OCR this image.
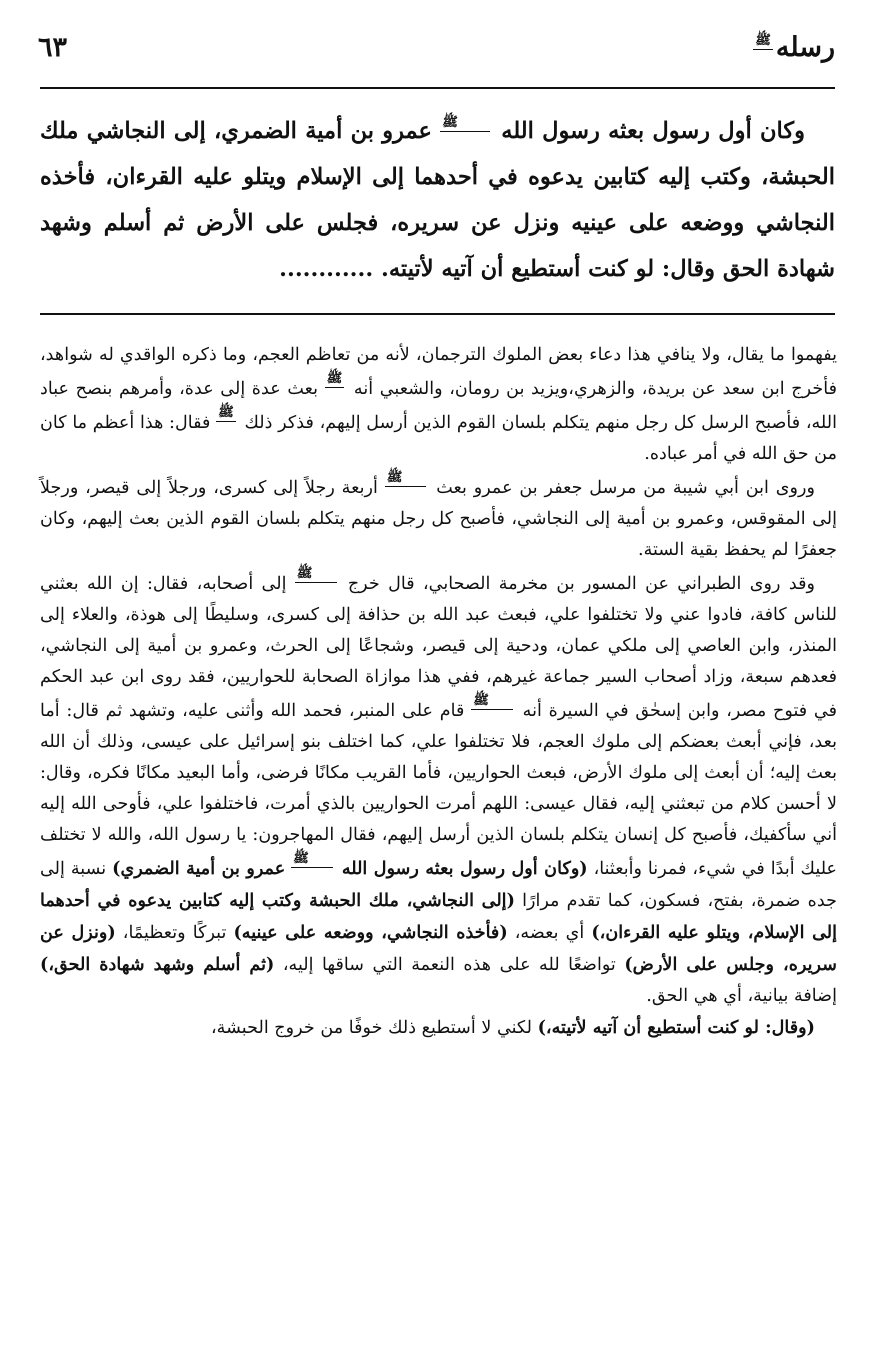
رسلهﷺ
٦٣
وكان أول رسول بعثه رسول الله ﷺ عمرو بن أمية الضمري، إلى النجاشي ملك الحبشة، وكتب إليه كتابين يدعوه في أحدهما إلى الإسلام ويتلو عليه القرءان، فأخذه النجاشي ووضعه على عينيه ونزل عن سريره، فجلس على الأرض ثم أسلم وشهد شهادة الحق وقال: لو كنت أستطيع أن آتيه لأتيته. ............

يفهموا ما يقال، ولا ينافي هذا دعاء بعض الملوك الترجمان، لأنه من تعاظم العجم، وما ذكره الواقدي له شواهد، فأخرج ابن سعد عن بريدة، والزهري،ويزيد بن رومان، والشعبي أنه ﷺ بعث عدة إلى عدة، وأمرهم بنصح عباد الله، فأصبح الرسل كل رجل منهم يتكلم بلسان القوم الذين أرسل إليهم، فذكر ذلك ﷺ فقال: هذا أعظم ما كان من حق الله في أمر عباده.

وروى ابن أبي شيبة من مرسل جعفر بن عمرو بعث ﷺ أربعة رجلاً إلى كسرى، ورجلاً إلى قيصر، ورجلاً إلى المقوقس، وعمرو بن أمية إلى النجاشي، فأصبح كل رجل منهم يتكلم بلسان القوم الذين بعث إليهم، وكان جعفرًا لم يحفظ بقية الستة.

وقد روى الطبراني عن المسور بن مخرمة الصحابي، قال خرج ﷺ إلى أصحابه، فقال: إن الله بعثني للناس كافة، فادوا عني ولا تختلفوا علي، فبعث عبد الله بن حذافة إلى كسرى، وسليطًا إلى هوذة، والعلاء إلى المنذر، وابن العاصي إلى ملكي عمان، ودحية إلى قيصر، وشجاعًا إلى الحرث، وعمرو بن أمية إلى النجاشي، فعدهم سبعة، وزاد أصحاب السير جماعة غيرهم، ففي هذا موازاة الصحابة للحواريين، فقد روى ابن عبد الحكم في فتوح مصر، وابن إسحٰق في السيرة أنه ﷺ قام على المنبر، فحمد الله وأثنى عليه، وتشهد ثم قال: أما بعد، فإني أبعث بعضكم إلى ملوك العجم، فلا تختلفوا علي، كما اختلف بنو إسرائيل على عيسى، وذلك أن الله بعث إليه؛ أن أبعث إلى ملوك الأرض، فبعث الحواريين، فأما القريب مكانًا فرضى، وأما البعيد مكانًا فكره، وقال: لا أحسن كلام من تبعثني إليه، فقال عيسى: اللهم أمرت الحواريين بالذي أمرت، فاختلفوا علي، فأوحى الله إليه أني سأكفيك، فأصبح كل إنسان يتكلم بلسان الذين أرسل إليهم، فقال المهاجرون: يا رسول الله، والله لا تختلف عليك أبدًا في شيء، فمرنا وأبعثنا، (وكان أول رسول بعثه رسول الله ﷺ عمرو بن أمية الضمري) نسبة إلى جده ضمرة، بفتح، فسكون، كما تقدم مرارًا (إلى النجاشي، ملك الحبشة وكتب إليه كتابين يدعوه في أحدهما إلى الإسلام، ويتلو عليه القرءان،) أي بعضه، (فأخذه النجاشي، ووضعه على عينيه) تبركًا وتعظيمًا، (ونزل عن سريره، وجلس على الأرض) تواضعًا لله على هذه النعمة التي ساقها إليه، (ثم أسلم وشهد شهادة الحق،) إضافة بيانية، أي هي الحق.

(وقال: لو كنت أستطيع أن آتيه لأتيته،) لكني لا أستطيع ذلك خوفًا من خروج الحبشة،
